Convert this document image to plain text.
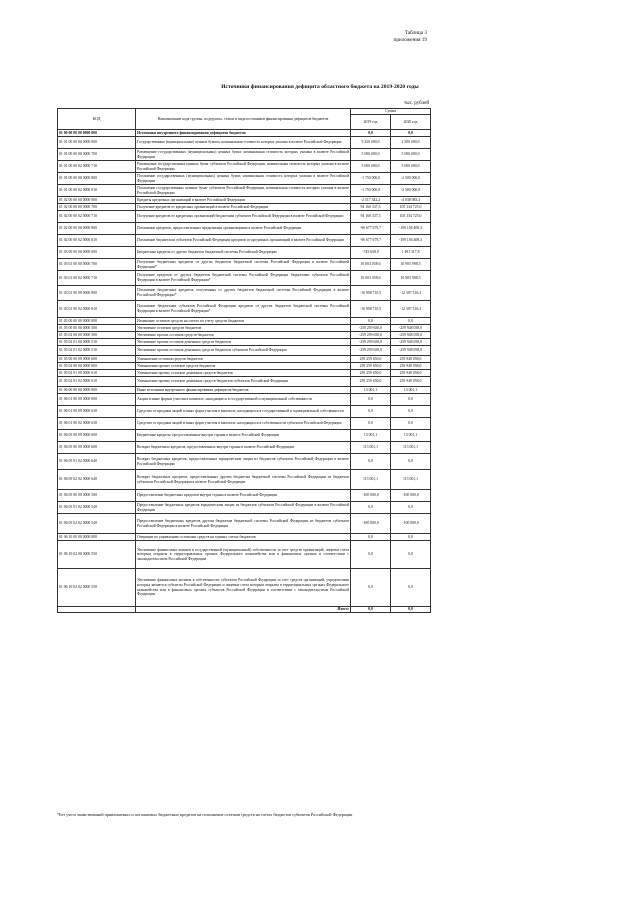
Таблица 3
приложения 19
Источники финансирования дефицита областного бюджета на 2019-2020 годы
тыс. рублей
КОД	Наименование кода группы, подгруппы, статьи и вида источников финансирования дефицитов бюджетов	Сумма	
		2019 год	2020 год
01 00 00 00 00 0000 000	Источники внутреннего финансирования дефицитов бюджетов	0,0	0,0
01 01 00 00 00 0000 000	Государственные (муниципальные) ценные бумаги, номинальная стоимость которых указана в валюте Российской Федерации	9 250 000,0	2 500 000,0
01 01 00 00 00 0000 700	Размещение государственных (муниципальных) ценных бумаг, номинальная стоимость которых указана в валюте Российской Федерации	5 000 000,0	5 000 000,0
01 01 00 00 02 0000 710	Размещение государственных ценных бумаг субъектов Российской Федерации, номинальная стоимость которых указана в валюте Российской Федерации	5 000 000,0	5 000 000,0
01 01 00 00 00 0000 800	Погашение государственных (муниципальных) ценных бумаг, номинальная стоимость которых указана в валюте Российской Федерации	-1 750 000,0	-2 500 000,0
01 01 00 00 02 0000 810	Погашение государственных ценных бумаг субъектов Российской Федерации, номинальная стоимость которых указана в валюте Российской Федерации	-1 750 000,0	-2 500 000,0
01 02 00 00 00 0000 000	Кредиты кредитных организаций в валюте Российской Федерации	-2 517 342,2	-4 038 083,3
01 02 00 00 00 0000 700	Получение кредитов от кредитных организаций в валюте Российской Федерации	94 160 337,5	105 134 725,0
01 02 00 00 02 0000 710	Получение кредитов от кредитных организаций бюджетами субъектов Российской Федерации в валюте Российской Федерации	94 160 337,5	105 134 725,0
01 02 00 00 00 0000 800	Погашение кредитов, предоставленных кредитными организациями в валюте Российской Федерации	-96 677 679,7	-109 156 408,3
01 02 00 00 02 0000 810	Погашение бюджетами субъектов Российской Федерации кредитов от кредитных организаций в валюте Российской Федерации	-96 677 679,7	-109 156 408,3
01 03 00 00 00 0000 000	Бюджетные кредиты от других бюджетов бюджетной системы Российской Федерации	-745 658,9	1 491 317,8
01 03 01 00 00 0000 700	Получение бюджетных кредитов от других бюджетов бюджетной системы Российской Федерации в валюте Российской Федерации*	10 003 058,6	10 905 998,5
01 03 01 00 02 0000 710	Получение кредитов от других бюджетов бюджетной системы Российской Федерации бюджетами субъектов Российской Федерации в валюте Российской Федерации*	10 003 058,6	10 905 998,5
01 03 01 00 00 0000 800	Погашение бюджетных кредитов, полученных от других бюджетов бюджетной системы Российской Федерации в валюте Российской Федерации*	-10 908 710,5	-12 397 316,3
01 03 01 00 02 0000 810	Погашение бюджетами субъектов Российской Федерации кредитов от других бюджетов бюджетной системы Российской Федерации в валюте Российской Федерации*	-10 908 710,5	-12 397 316,3
01 05 00 00 00 0000 000	Изменение остатков средств на счетах по учету средств бюджетов	0,0	0,0
01 05 00 00 00 0000 500	Увеличение остатков средств бюджетов	-259 259 650,0	-259 948 058,0
01 05 02 00 00 0000 500	Увеличение прочих остатков средств бюджетов	-259 259 650,0	-259 948 058,0
01 05 02 01 00 0000 510	Увеличение прочих остатков денежных средств бюджетов	-259 259 650,0	-259 948 058,0
01 05 02 01 02 0000 510	Увеличение прочих остатков денежных средств бюджетов субъектов Российской Федерации	-259 259 650,0	-259 948 058,0
01 05 00 00 00 0000 600	Уменьшение остатков средств бюджетов	259 259 650,0	259 948 058,0
01 05 02 00 00 0000 600	Уменьшение прочих остатков средств бюджетов	259 259 650,0	259 948 058,0
01 05 02 01 00 0000 610	Уменьшение прочих остатков денежных средств бюджетов	259 259 650,0	259 948 058,0
01 05 02 01 02 0000 610	Уменьшение прочих остатков денежных средств бюджетов субъектов Российской Федерации	259 259 650,0	259 948 058,0
01 06 00 00 00 0000 000	Иные источники внутреннего финансирования дефицитов бюджетов	13 001,1	13 001,1
01 06 01 00 00 0000 000	Акции и иные формы участия в капитале, находящиеся в государственной и муниципальной собственности	0,0	0,0
01 06 01 00 00 0000 630	Средства от продажи акций и иных форм участия в капитале, находящихся в государственной и муниципальной собственности	0,0	0,0
01 06 01 00 02 0000 630	Средства от продажи акций и иных форм участия в капитале, находящихся в собственности субъектов Российской Федерации	0,0	0,0
01 06 05 00 00 0000 000	Бюджетные кредиты, предоставленные внутри страны в валюте Российской Федерации	13 001,1	13 001,1
01 06 05 00 00 0000 600	Возврат бюджетных кредитов, предоставленных внутри страны в валюте Российской Федерации	113 001,1	113 001,1
01 06 05 01 02 0000 640	Возврат бюджетных кредитов, предоставленных юридическим лицам из бюджетов субъектов Российской Федерации в валюте Российской Федерации	0,0	0,0
01 06 05 02 02 0000 640	Возврат бюджетных кредитов, предоставленных другим бюджетам бюджетной системы Российской Федерации из бюджетов субъектов Российской Федерации в валюте Российской Федерации	113 001,1	113 001,1
01 06 05 00 00 0000 500	Предоставление бюджетных кредитов внутри страны в валюте Российской Федерации	-100 000,0	-100 000,0
01 06 05 01 02 0000 540	Предоставление бюджетных кредитов юридическим лицам из бюджетов субъектов Российской Федерации в валюте Российской Федерации	0,0	0,0
01 06 05 02 02 0000 540	Предоставление бюджетных кредитов другим бюджетам бюджетной системы Российской Федерации из бюджетов субъектов Российской Федерации в валюте Российской Федерации	-100 000,0	-100 000,0
01 06 10 00 00 0000 000	Операции по управлению остатками средств на единых счетах бюджетов	0,0	0,0
01 06 10 02 00 0000 550	Увеличение финансовых активов в государственной (муниципальной) собственности за счет средств организаций, лицевые счета которым открыты в территориальных органах Федерального казначейства или в финансовых органах в соответствии с законодательством Российской Федерации	0,0	0,0
01 06 10 02 02 0000 550	Увеличение финансовых активов в собственности субъектов Российской Федерации за счет средств организаций, учредителями которых являются субъекты Российской Федерации и лицевые счета которым открыты в территориальных органах Федерального казначейства или в финансовых органах субъектов Российской Федерации в соответствии с законодательством Российской Федерации	0,0	0,0
	Итого:	0,0	0,0
*Без учета заимствований привлекаемых и погашаемых бюджетных кредитов на пополнение остатков средств на счетах бюджетов субъектов Российской Федерации
